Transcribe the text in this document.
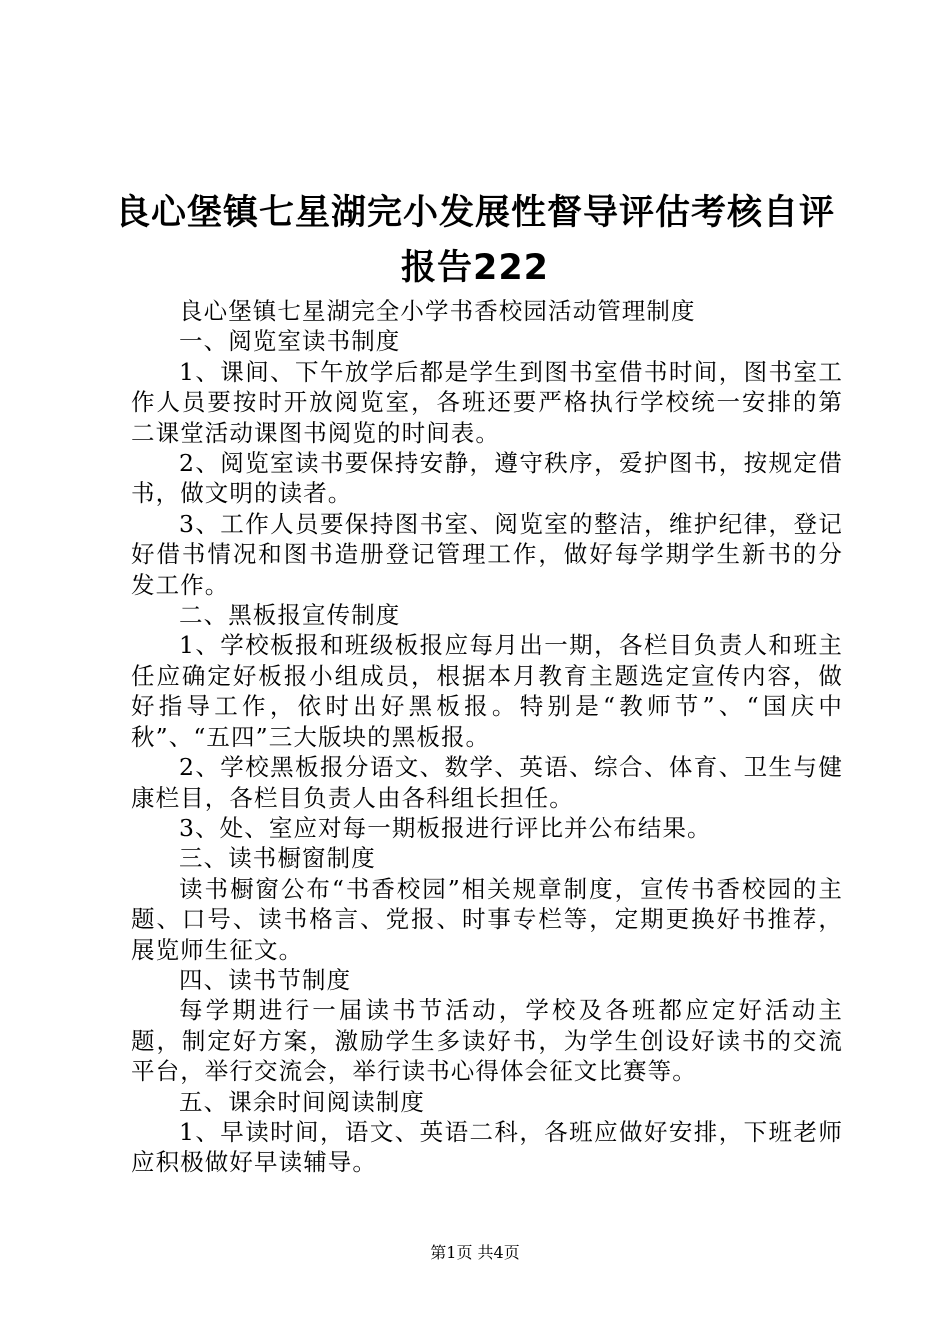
良心堡镇七星湖完小发展性督导评估考核自评
报告222

良心堡镇七星湖完全小学书香校园活动管理制度

一、阅览室读书制度

1、课间、下午放学后都是学生到图书室借书时间，图书室工作人员要按时开放阅览室，各班还要严格执行学校统一安排的第二课堂活动课图书阅览的时间表。

2、阅览室读书要保持安静，遵守秩序，爱护图书，按规定借书，做文明的读者。

3、工作人员要保持图书室、阅览室的整洁，维护纪律，登记好借书情况和图书造册登记管理工作，做好每学期学生新书的分发工作。

二、黑板报宣传制度

1、学校板报和班级板报应每月出一期，各栏目负责人和班主任应确定好板报小组成员，根据本月教育主题选定宣传内容，做好指导工作，依时出好黑板报。特别是“教师节”、“国庆中秋”、“五四”三大版块的黑板报。

2、学校黑板报分语文、数学、英语、综合、体育、卫生与健康栏目，各栏目负责人由各科组长担任。

3、处、室应对每一期板报进行评比并公布结果。

三、读书橱窗制度

读书橱窗公布“书香校园”相关规章制度，宣传书香校园的主题、口号、读书格言、党报、时事专栏等，定期更换好书推荐，展览师生征文。

四、读书节制度

每学期进行一届读书节活动，学校及各班都应定好活动主题，制定好方案，激励学生多读好书，为学生创设好读书的交流平台，举行交流会，举行读书心得体会征文比赛等。

五、课余时间阅读制度

1、早读时间，语文、英语二科，各班应做好安排，下班老师应积极做好早读辅导。

第1页 共4页
